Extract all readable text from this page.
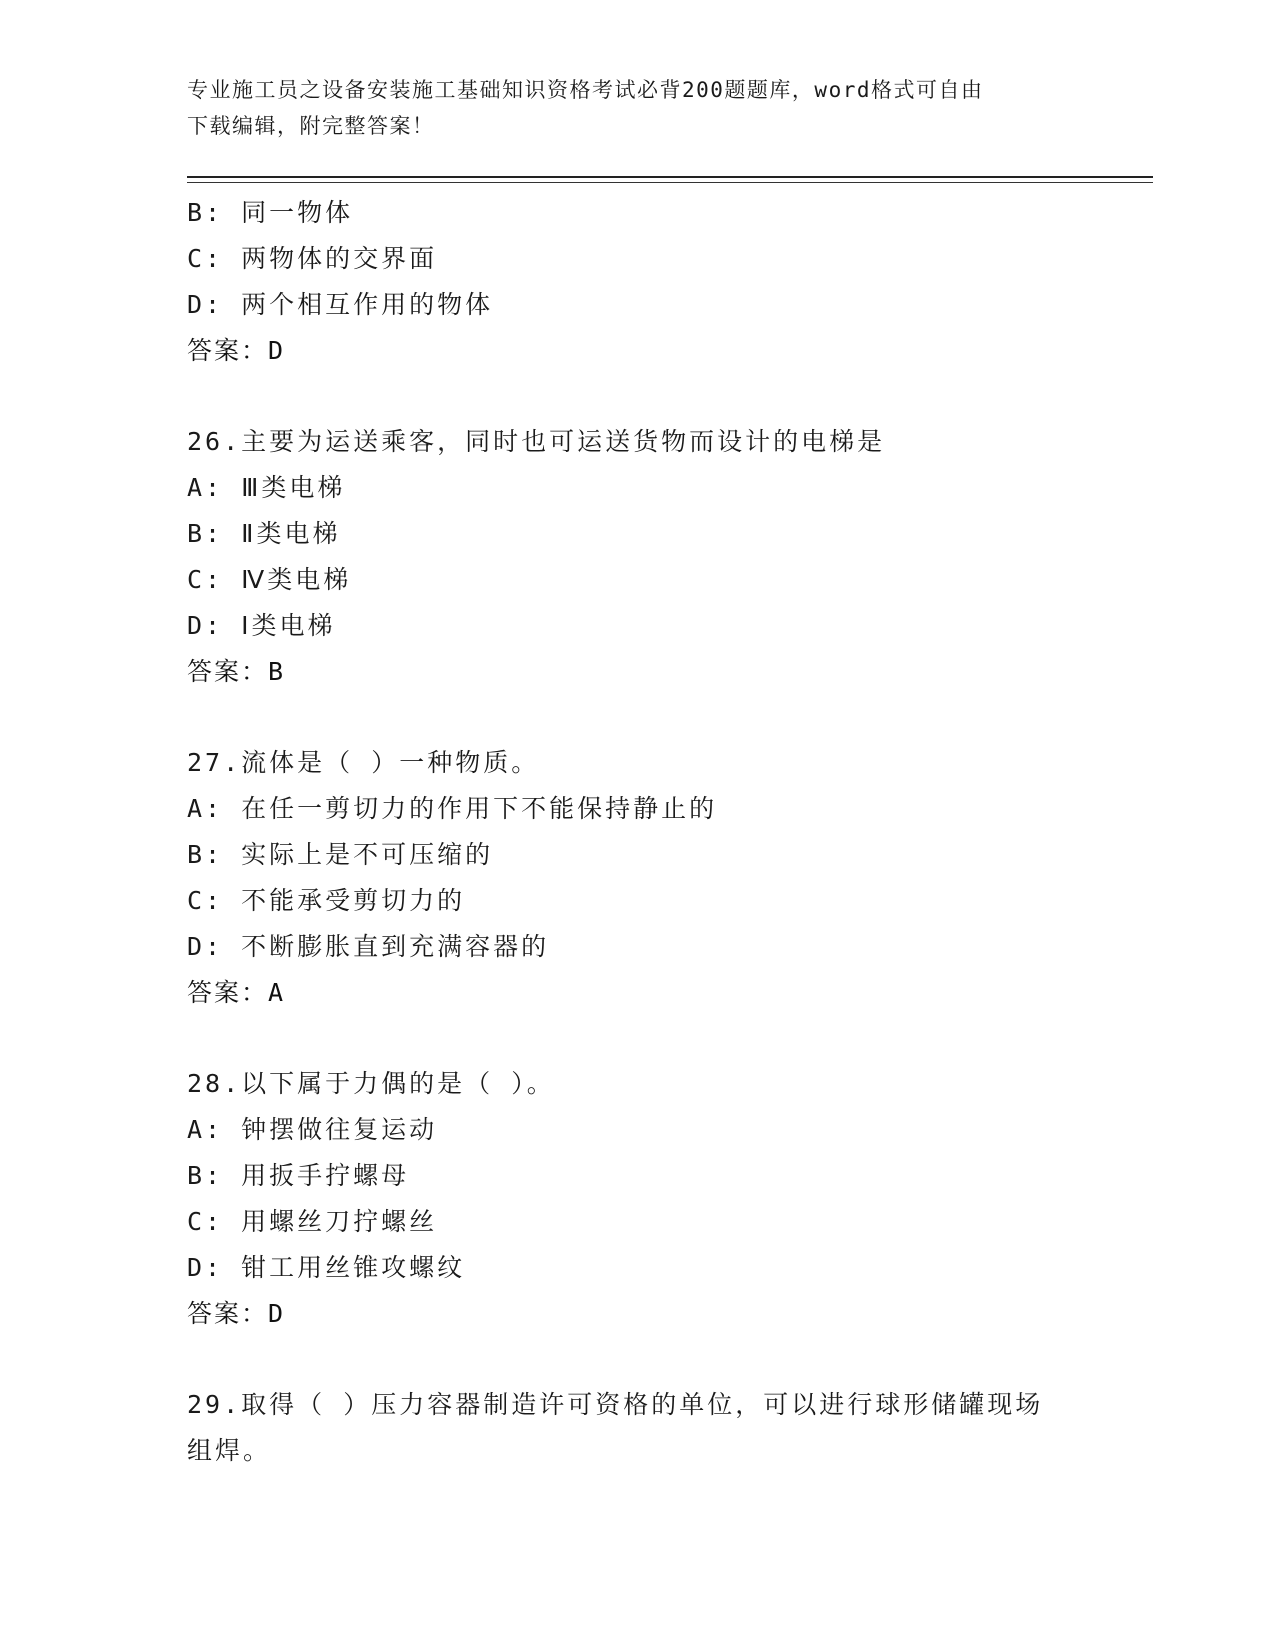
专业施工员之设备安装施工基础知识资格考试必背200题题库，word格式可自由
下载编辑，附完整答案！
B: 同一物体
C: 两物体的交界面
D: 两个相互作用的物体
答案：D
26.主要为运送乘客，同时也可运送货物而设计的电梯是
A: Ⅲ类电梯
B: Ⅱ类电梯
C: Ⅳ类电梯
D: Ⅰ类电梯
答案：B
27.流体是（ ）一种物质。
A: 在任一剪切力的作用下不能保持静止的
B: 实际上是不可压缩的
C: 不能承受剪切力的
D: 不断膨胀直到充满容器的
答案：A
28.以下属于力偶的是（ ）。
A: 钟摆做往复运动
B: 用扳手拧螺母
C: 用螺丝刀拧螺丝
D: 钳工用丝锥攻螺纹
答案：D
29.取得（ ）压力容器制造许可资格的单位，可以进行球形储罐现场
组焊。
